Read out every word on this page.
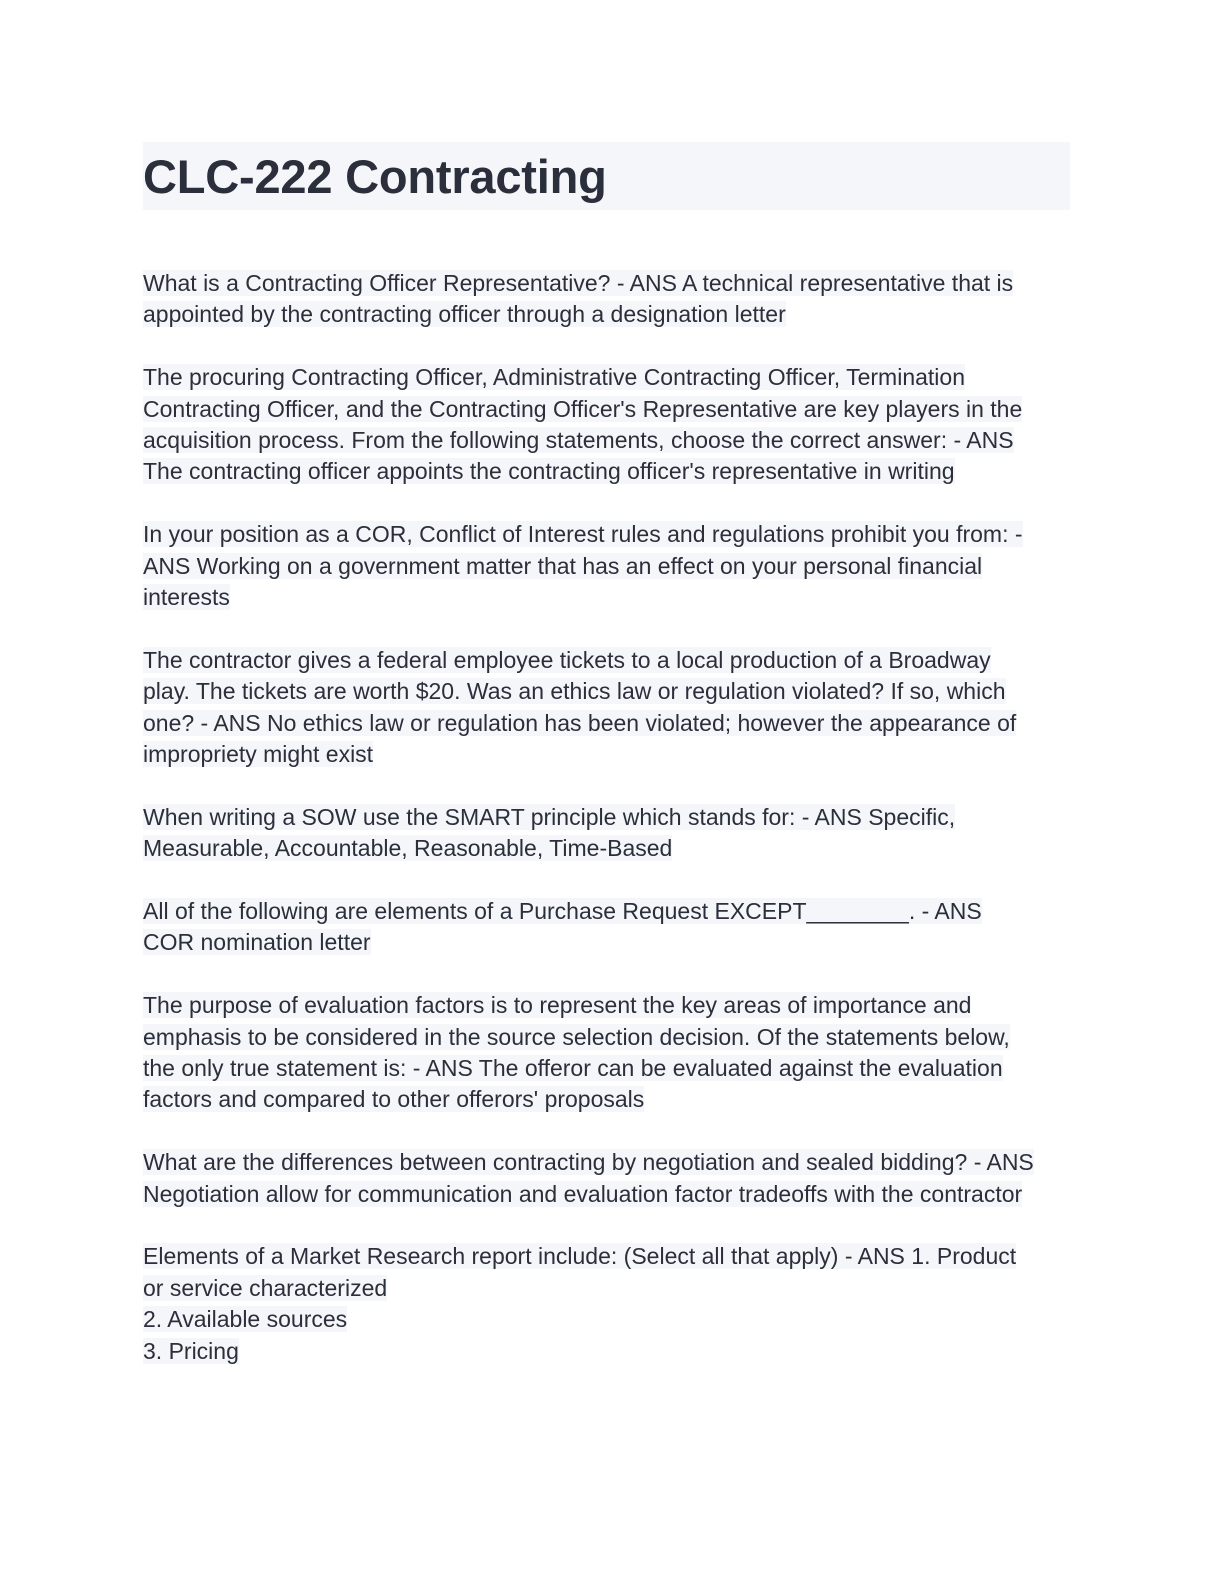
CLC-222 Contracting
What is a Contracting Officer Representative? - ANS A technical representative that is
appointed by the contracting officer through a designation letter
The procuring Contracting Officer, Administrative Contracting Officer, Termination
Contracting Officer, and the Contracting Officer's Representative are key players in the
acquisition process. From the following statements, choose the correct answer: - ANS
The contracting officer appoints the contracting officer's representative in writing
In your position as a COR, Conflict of Interest rules and regulations prohibit you from: -
ANS Working on a government matter that has an effect on your personal financial
interests
The contractor gives a federal employee tickets to a local production of a Broadway
play. The tickets are worth $20. Was an ethics law or regulation violated? If so, which
one? - ANS No ethics law or regulation has been violated; however the appearance of
impropriety might exist
When writing a SOW use the SMART principle which stands for: - ANS Specific,
Measurable, Accountable, Reasonable, Time-Based
All of the following are elements of a Purchase Request EXCEPT________. - ANS
COR nomination letter
The purpose of evaluation factors is to represent the key areas of importance and
emphasis to be considered in the source selection decision. Of the statements below,
the only true statement is: - ANS The offeror can be evaluated against the evaluation
factors and compared to other offerors' proposals
What are the differences between contracting by negotiation and sealed bidding? - ANS
Negotiation allow for communication and evaluation factor tradeoffs with the contractor
Elements of a Market Research report include: (Select all that apply) - ANS 1. Product
or service characterized
2. Available sources
3. Pricing
